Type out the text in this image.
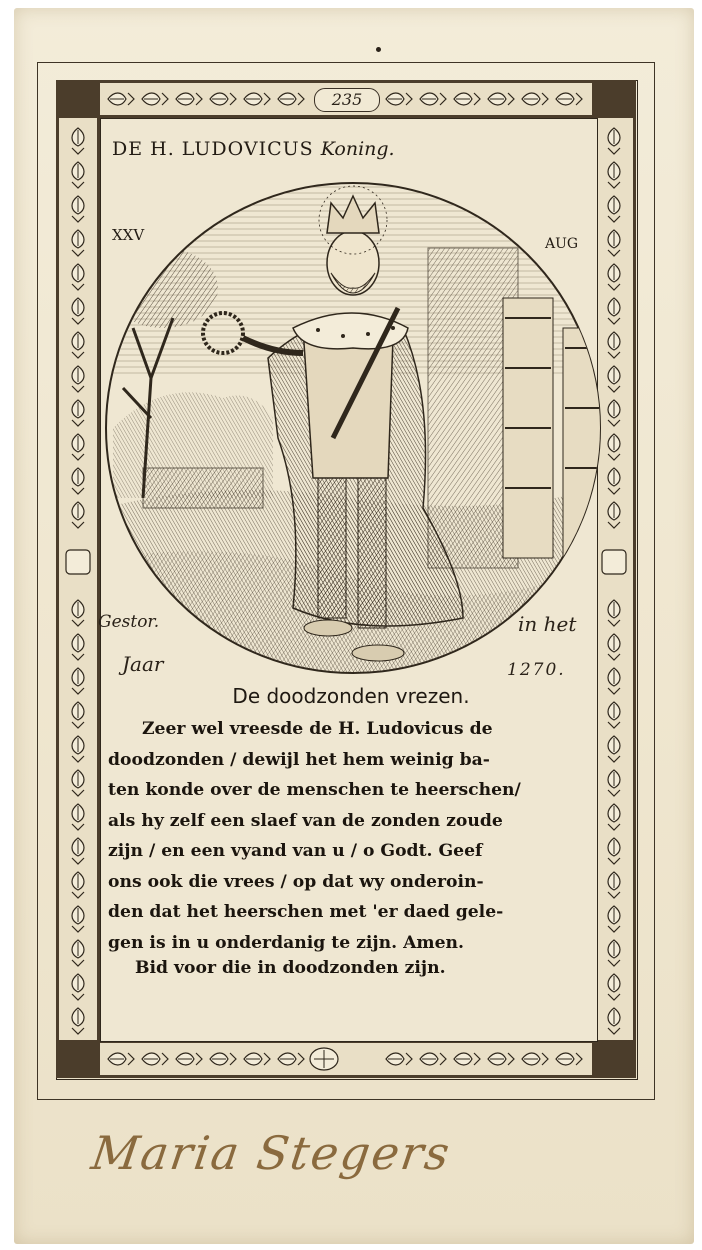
235
DE H. LUDOVICUS Koning.
XXV	AUG
Gestor.	in het
Jaar	1270.
De doodzonden vrezen.
Zeer wel vreesde de H. Ludovicus de
doodzonden / dewijl het hem weinig ba-
ten konde over de menschen te heerschen/
als hy zelf een slaef van de zonden zoude
zijn / en een vyand van u / o Godt. Geef
ons ook die vrees / op dat wy onderoin-
den dat het heerschen met 'er daed gele-
gen is in u onderdanig te zijn. Amen.
Bid voor die in doodzonden zijn.
Maria Stegers
